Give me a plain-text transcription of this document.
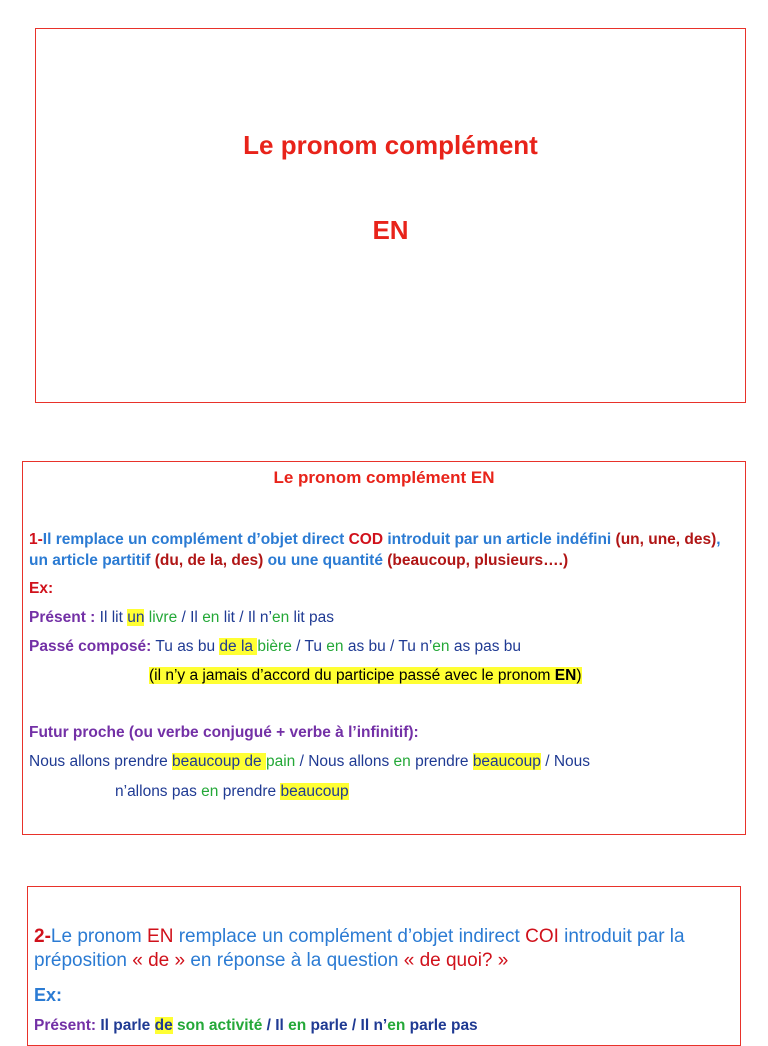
Le pronom complément
EN
Le pronom complément EN
1-Il remplace un complément d’objet direct COD introduit par un article indéfini (un, une, des), un article partitif (du, de la, des) ou une quantité (beaucoup, plusieurs….)
Ex:
Présent : Il lit un livre / Il en lit / Il n’en lit pas
Passé composé: Tu as bu de la bière / Tu en as bu / Tu n’en as pas bu
(il n’y a jamais d’accord du participe passé avec le pronom EN)
Futur proche (ou verbe conjugué + verbe à l’infinitif):
Nous allons prendre beaucoup de pain / Nous allons en prendre beaucoup / Nous
n’allons pas en prendre beaucoup
2-Le pronom EN remplace un complément d’objet indirect COI introduit par la préposition « de » en réponse à la question « de quoi? »
Ex:
Présent: Il parle de son activité / Il en parle / Il n’en parle pas
